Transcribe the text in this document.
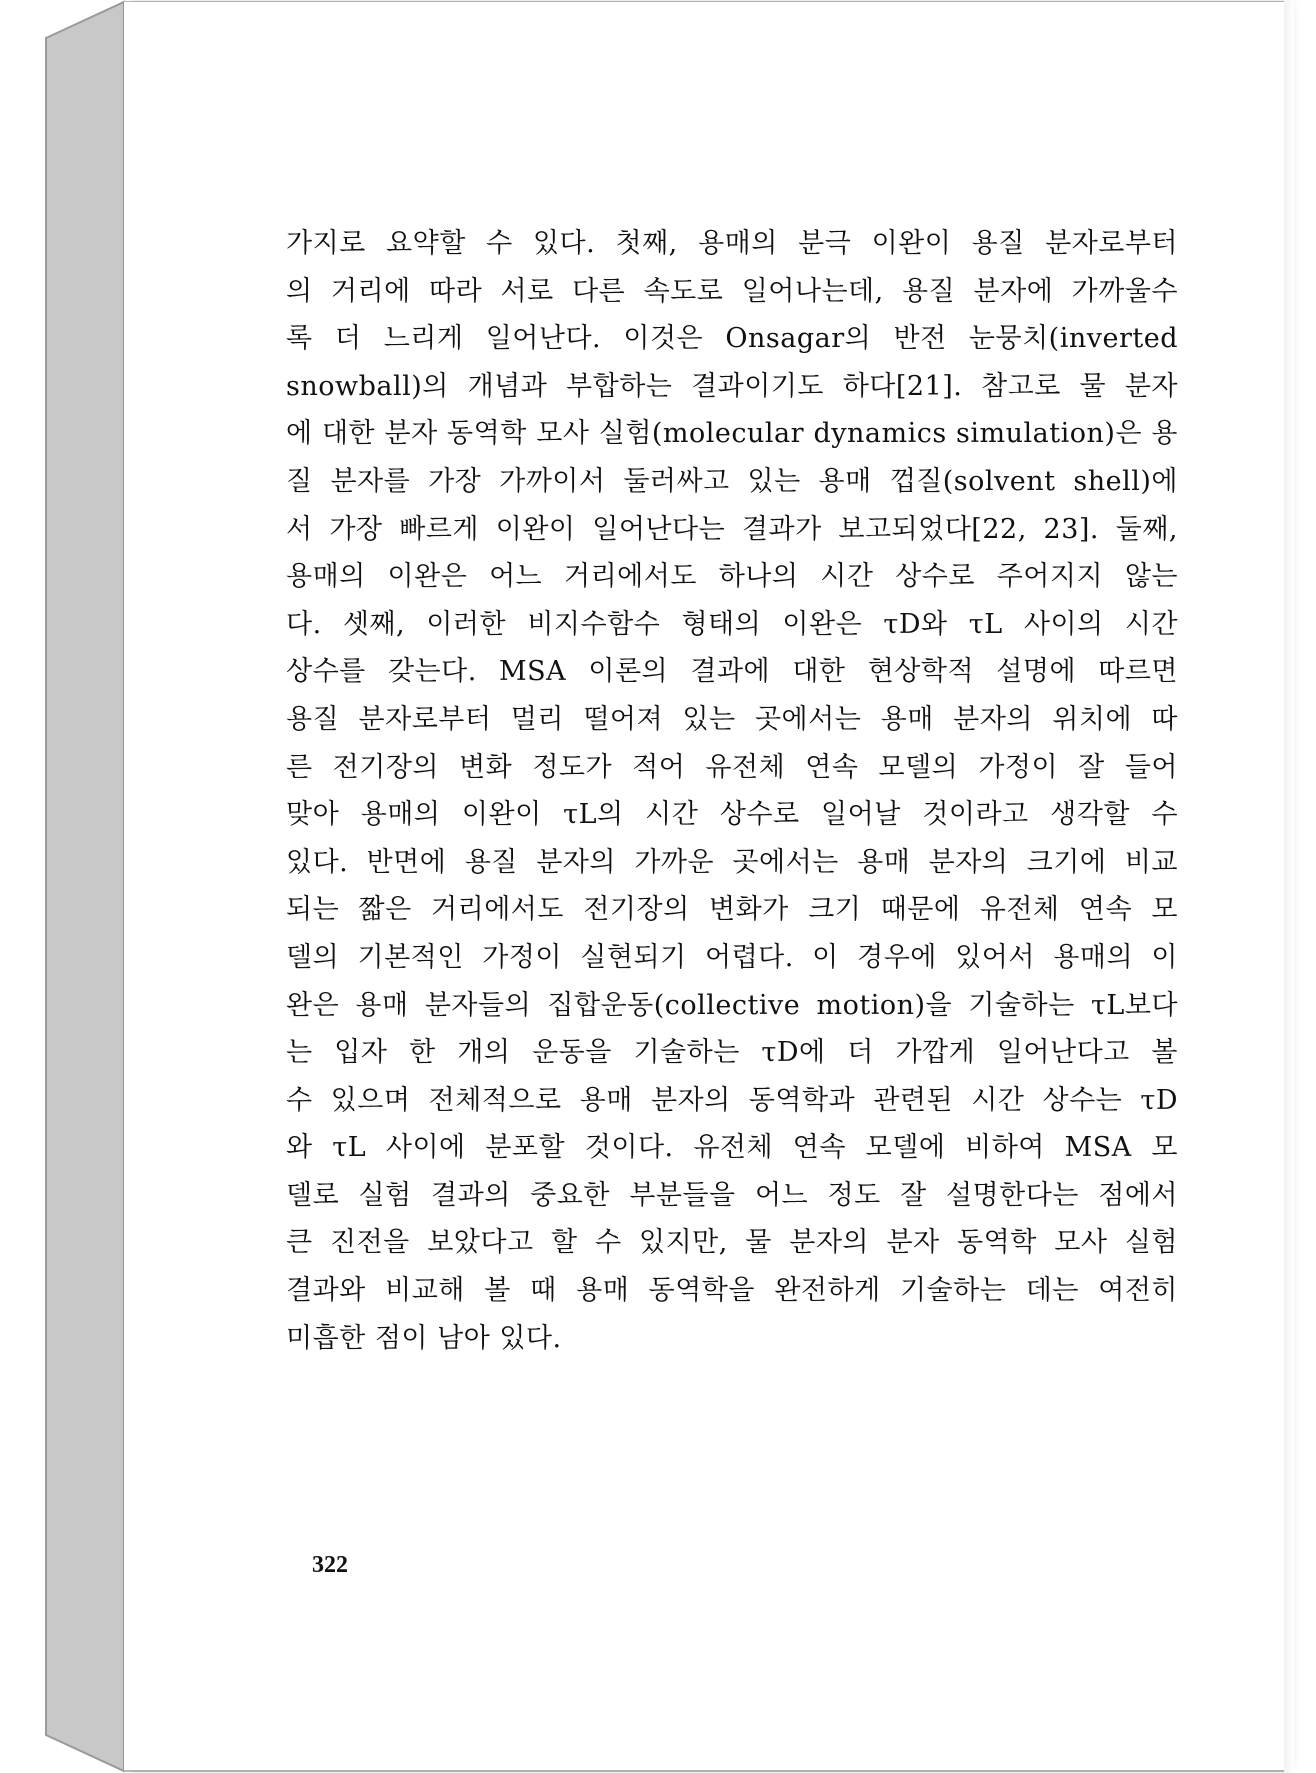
가지로 요약할 수 있다. 첫째, 용매의 분극 이완이 용질 분자로부터
의 거리에 따라 서로 다른 속도로 일어나는데, 용질 분자에 가까울수
록 더 느리게 일어난다. 이것은 Onsagar의 반전 눈뭉치(inverted
snowball)의 개념과 부합하는 결과이기도 하다[21]. 참고로 물 분자
에 대한 분자 동역학 모사 실험(molecular dynamics simulation)은 용
질 분자를 가장 가까이서 둘러싸고 있는 용매 껍질(solvent shell)에
서 가장 빠르게 이완이 일어난다는 결과가 보고되었다[22, 23]. 둘째,
용매의 이완은 어느 거리에서도 하나의 시간 상수로 주어지지 않는
다. 셋째, 이러한 비지수함수 형태의 이완은 τD와 τL 사이의 시간
상수를 갖는다. MSA 이론의 결과에 대한 현상학적 설명에 따르면
용질 분자로부터 멀리 떨어져 있는 곳에서는 용매 분자의 위치에 따
른 전기장의 변화 정도가 적어 유전체 연속 모델의 가정이 잘 들어
맞아 용매의 이완이 τL의 시간 상수로 일어날 것이라고 생각할 수
있다. 반면에 용질 분자의 가까운 곳에서는 용매 분자의 크기에 비교
되는 짧은 거리에서도 전기장의 변화가 크기 때문에 유전체 연속 모
델의 기본적인 가정이 실현되기 어렵다. 이 경우에 있어서 용매의 이
완은 용매 분자들의 집합운동(collective motion)을 기술하는 τL보다
는 입자 한 개의 운동을 기술하는 τD에 더 가깝게 일어난다고 볼
수 있으며 전체적으로 용매 분자의 동역학과 관련된 시간 상수는 τD
와 τL 사이에 분포할 것이다. 유전체 연속 모델에 비하여 MSA 모
델로 실험 결과의 중요한 부분들을 어느 정도 잘 설명한다는 점에서
큰 진전을 보았다고 할 수 있지만, 물 분자의 분자 동역학 모사 실험
결과와 비교해 볼 때 용매 동역학을 완전하게 기술하는 데는 여전히
미흡한 점이 남아 있다.
322
